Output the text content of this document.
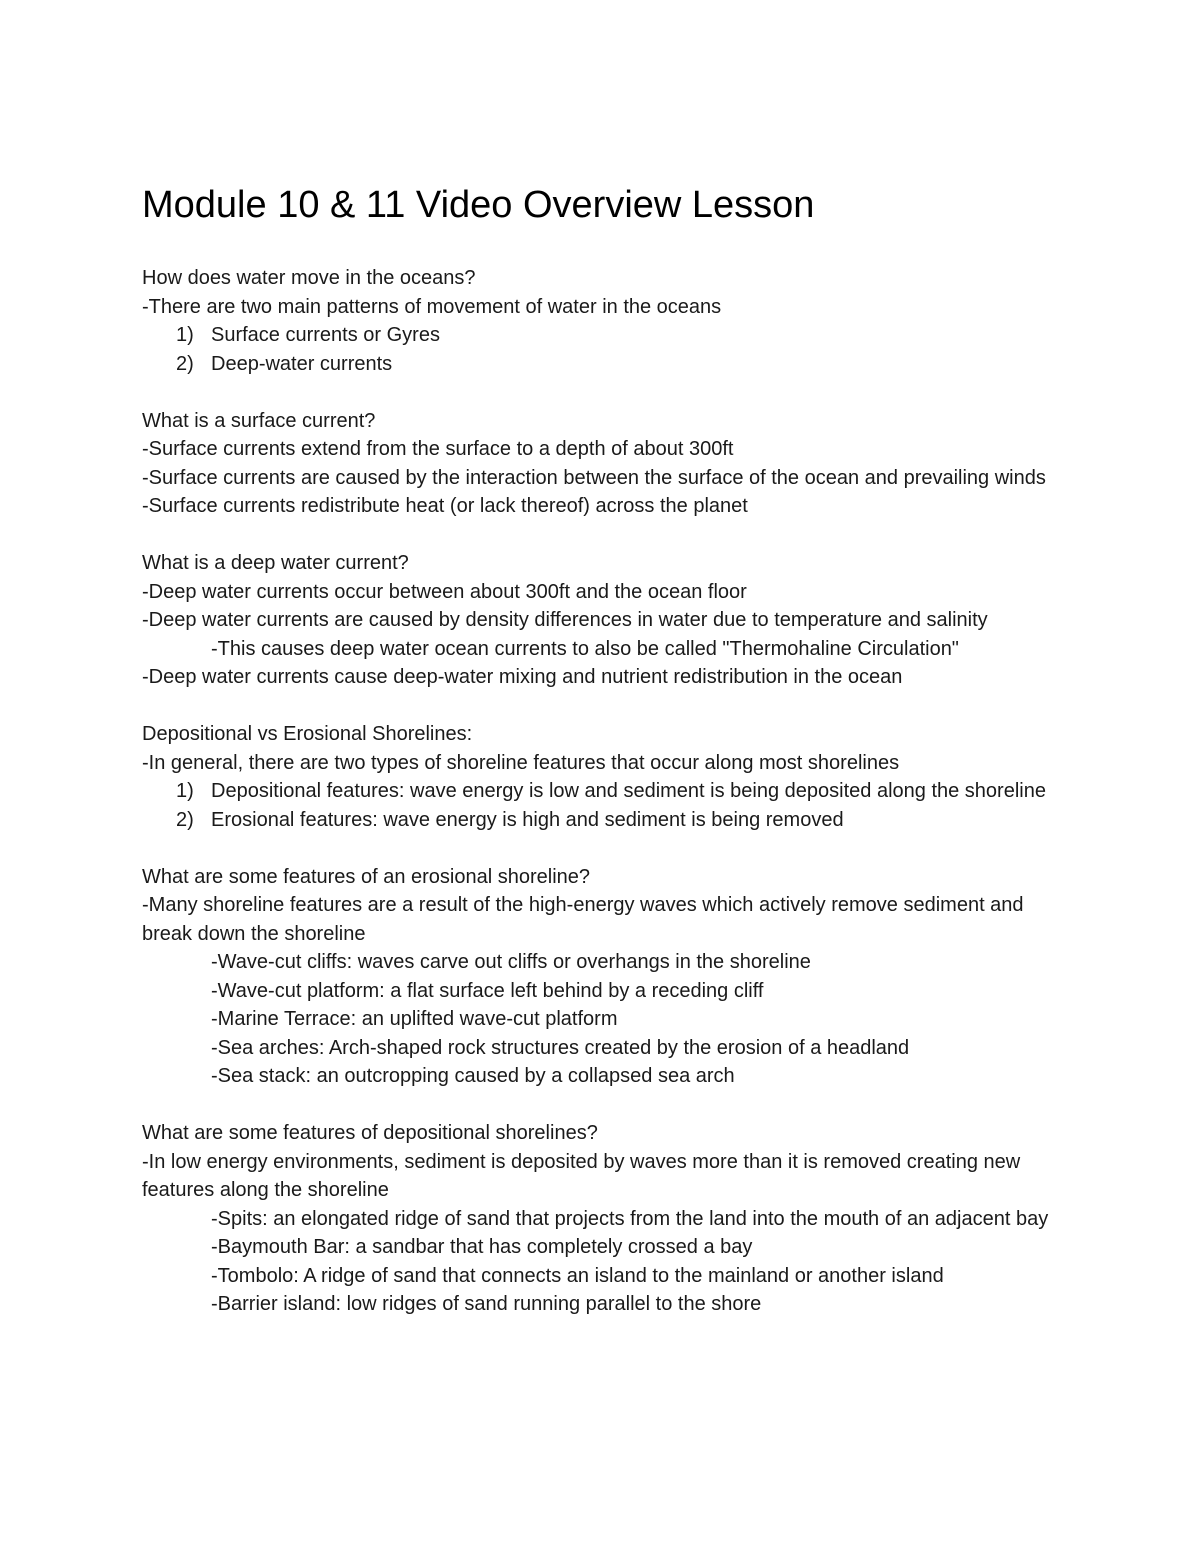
Module 10 & 11 Video Overview Lesson

How does water move in the oceans?

-There are two main patterns of movement of water in the oceans

1) Surface currents or Gyres

2) Deep-water currents

What is a surface current?

-Surface currents extend from the surface to a depth of about 300ft

-Surface currents are caused by the interaction between the surface of the ocean and prevailing winds

-Surface currents redistribute heat (or lack thereof) across the planet

What is a deep water current?

-Deep water currents occur between about 300ft and the ocean floor

-Deep water currents are caused by density differences in water due to temperature and salinity

-This causes deep water ocean currents to also be called "Thermohaline Circulation"

-Deep water currents cause deep-water mixing and nutrient redistribution in the ocean

Depositional vs Erosional Shorelines:

-In general, there are two types of shoreline features that occur along most shorelines

1) Depositional features: wave energy is low and sediment is being deposited along the shoreline

2) Erosional features: wave energy is high and sediment is being removed

What are some features of an erosional shoreline?

-Many shoreline features are a result of the high-energy waves which actively remove sediment and break down the shoreline

-Wave-cut cliffs: waves carve out cliffs or overhangs in the shoreline

-Wave-cut platform: a flat surface left behind by a receding cliff

-Marine Terrace: an uplifted wave-cut platform

-Sea arches: Arch-shaped rock structures created by the erosion of a headland

-Sea stack: an outcropping caused by a collapsed sea arch

What are some features of depositional shorelines?

-In low energy environments, sediment is deposited by waves more than it is removed creating new features along the shoreline

-Spits: an elongated ridge of sand that projects from the land into the mouth of an adjacent bay

-Baymouth Bar: a sandbar that has completely crossed a bay

-Tombolo: A ridge of sand that connects an island to the mainland or another island

-Barrier island: low ridges of sand running parallel to the shore
